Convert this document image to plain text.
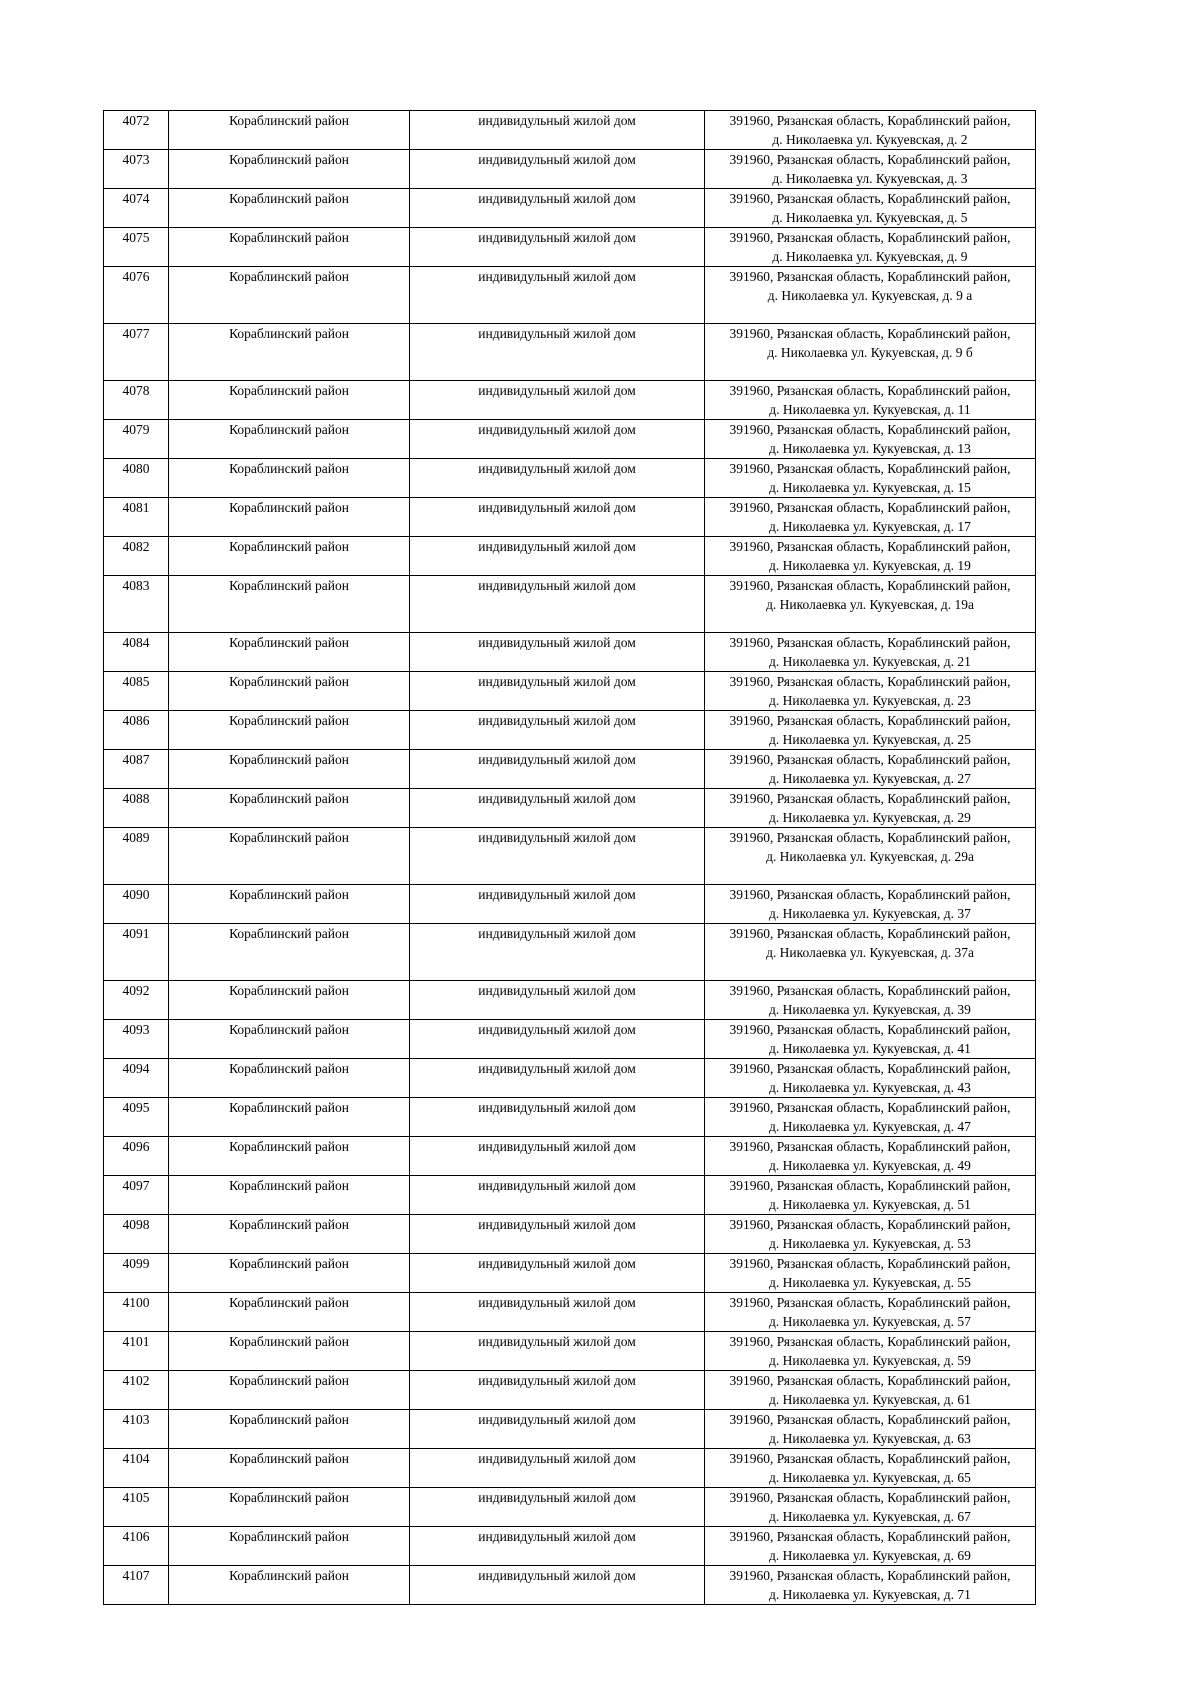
4072	Кораблинский район	индивидульный жилой дом	391960, Рязанская область, Кораблинский район,
д. Николаевка ул. Кукуевская, д. 2

4073	Кораблинский район	индивидульный жилой дом	391960, Рязанская область, Кораблинский район,
д. Николаевка ул. Кукуевская, д. 3

4074	Кораблинский район	индивидульный жилой дом	391960, Рязанская область, Кораблинский район,
д. Николаевка ул. Кукуевская, д. 5

4075	Кораблинский район	индивидульный жилой дом	391960, Рязанская область, Кораблинский район,
д. Николаевка ул. Кукуевская, д. 9

4076	Кораблинский район	индивидульный жилой дом	391960, Рязанская область, Кораблинский район,
д. Николаевка ул. Кукуевская, д. 9 а

4077	Кораблинский район	индивидульный жилой дом	391960, Рязанская область, Кораблинский район,
д. Николаевка ул. Кукуевская, д. 9 б

4078	Кораблинский район	индивидульный жилой дом	391960, Рязанская область, Кораблинский район,
д. Николаевка ул. Кукуевская, д. 11

4079	Кораблинский район	индивидульный жилой дом	391960, Рязанская область, Кораблинский район,
д. Николаевка ул. Кукуевская, д. 13

4080	Кораблинский район	индивидульный жилой дом	391960, Рязанская область, Кораблинский район,
д. Николаевка ул. Кукуевская, д. 15

4081	Кораблинский район	индивидульный жилой дом	391960, Рязанская область, Кораблинский район,
д. Николаевка ул. Кукуевская, д. 17

4082	Кораблинский район	индивидульный жилой дом	391960, Рязанская область, Кораблинский район,
д. Николаевка ул. Кукуевская, д. 19

4083	Кораблинский район	индивидульный жилой дом	391960, Рязанская область, Кораблинский район,
д. Николаевка ул. Кукуевская, д. 19а

4084	Кораблинский район	индивидульный жилой дом	391960, Рязанская область, Кораблинский район,
д. Николаевка ул. Кукуевская, д. 21

4085	Кораблинский район	индивидульный жилой дом	391960, Рязанская область, Кораблинский район,
д. Николаевка ул. Кукуевская, д. 23

4086	Кораблинский район	индивидульный жилой дом	391960, Рязанская область, Кораблинский район,
д. Николаевка ул. Кукуевская, д. 25

4087	Кораблинский район	индивидульный жилой дом	391960, Рязанская область, Кораблинский район,
д. Николаевка ул. Кукуевская, д. 27

4088	Кораблинский район	индивидульный жилой дом	391960, Рязанская область, Кораблинский район,
д. Николаевка ул. Кукуевская, д. 29

4089	Кораблинский район	индивидульный жилой дом	391960, Рязанская область, Кораблинский район,
д. Николаевка ул. Кукуевская, д. 29а

4090	Кораблинский район	индивидульный жилой дом	391960, Рязанская область, Кораблинский район,
д. Николаевка ул. Кукуевская, д. 37

4091	Кораблинский район	индивидульный жилой дом	391960, Рязанская область, Кораблинский район,
д. Николаевка ул. Кукуевская, д. 37а

4092	Кораблинский район	индивидульный жилой дом	391960, Рязанская область, Кораблинский район,
д. Николаевка ул. Кукуевская, д. 39

4093	Кораблинский район	индивидульный жилой дом	391960, Рязанская область, Кораблинский район,
д. Николаевка ул. Кукуевская, д. 41

4094	Кораблинский район	индивидульный жилой дом	391960, Рязанская область, Кораблинский район,
д. Николаевка ул. Кукуевская, д. 43

4095	Кораблинский район	индивидульный жилой дом	391960, Рязанская область, Кораблинский район,
д. Николаевка ул. Кукуевская, д. 47

4096	Кораблинский район	индивидульный жилой дом	391960, Рязанская область, Кораблинский район,
д. Николаевка ул. Кукуевская, д. 49

4097	Кораблинский район	индивидульный жилой дом	391960, Рязанская область, Кораблинский район,
д. Николаевка ул. Кукуевская, д. 51

4098	Кораблинский район	индивидульный жилой дом	391960, Рязанская область, Кораблинский район,
д. Николаевка ул. Кукуевская, д. 53

4099	Кораблинский район	индивидульный жилой дом	391960, Рязанская область, Кораблинский район,
д. Николаевка ул. Кукуевская, д. 55

4100	Кораблинский район	индивидульный жилой дом	391960, Рязанская область, Кораблинский район,
д. Николаевка ул. Кукуевская, д. 57

4101	Кораблинский район	индивидульный жилой дом	391960, Рязанская область, Кораблинский район,
д. Николаевка ул. Кукуевская, д. 59

4102	Кораблинский район	индивидульный жилой дом	391960, Рязанская область, Кораблинский район,
д. Николаевка ул. Кукуевская, д. 61

4103	Кораблинский район	индивидульный жилой дом	391960, Рязанская область, Кораблинский район,
д. Николаевка ул. Кукуевская, д. 63

4104	Кораблинский район	индивидульный жилой дом	391960, Рязанская область, Кораблинский район,
д. Николаевка ул. Кукуевская, д. 65

4105	Кораблинский район	индивидульный жилой дом	391960, Рязанская область, Кораблинский район,
д. Николаевка ул. Кукуевская, д. 67

4106	Кораблинский район	индивидульный жилой дом	391960, Рязанская область, Кораблинский район,
д. Николаевка ул. Кукуевская, д. 69

4107	Кораблинский район	индивидульный жилой дом	391960, Рязанская область, Кораблинский район,
д. Николаевка ул. Кукуевская, д. 71
